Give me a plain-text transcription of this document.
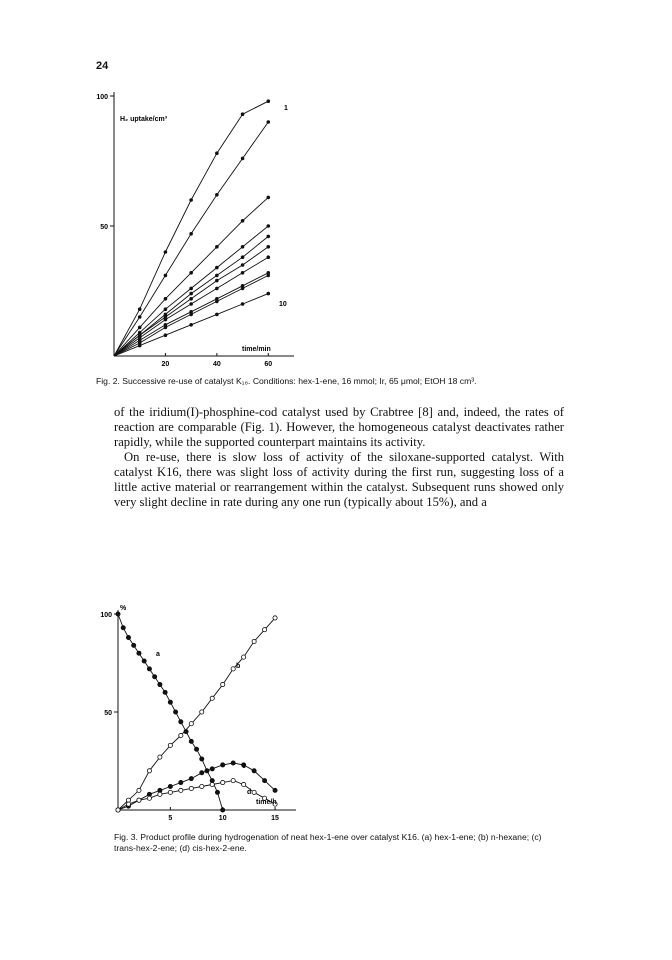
24
50
100
20	40	60
H₂ uptake/cm³
time/min
1
10
Fig. 2. Successive re-use of catalyst K₁₆. Conditions: hex-1-ene, 16 mmol; Ir, 65 μmol; EtOH 18 cm³.

of the iridium(I)-phosphine-cod catalyst used by Crabtree [8] and, indeed, the rates of reaction are comparable (Fig. 1). However, the homogeneous catalyst deactivates rather rapidly, while the supported counterpart maintains its activity.

On re-use, there is slow loss of activity of the siloxane-supported catalyst. With catalyst K16, there was slight loss of activity during the first run, suggesting loss of a little active material or rearrangement within the catalyst. Subsequent runs showed only very slight decline in rate during any one run (typically about 15%), and a

50
100
5	10	15
%
time/h
a
b
c
d
Fig. 3. Product profile during hydrogenation of neat hex-1-ene over catalyst K16. (a) hex-1-ene; (b) n-hexane; (c) trans-hex-2-ene; (d) cis-hex-2-ene.
